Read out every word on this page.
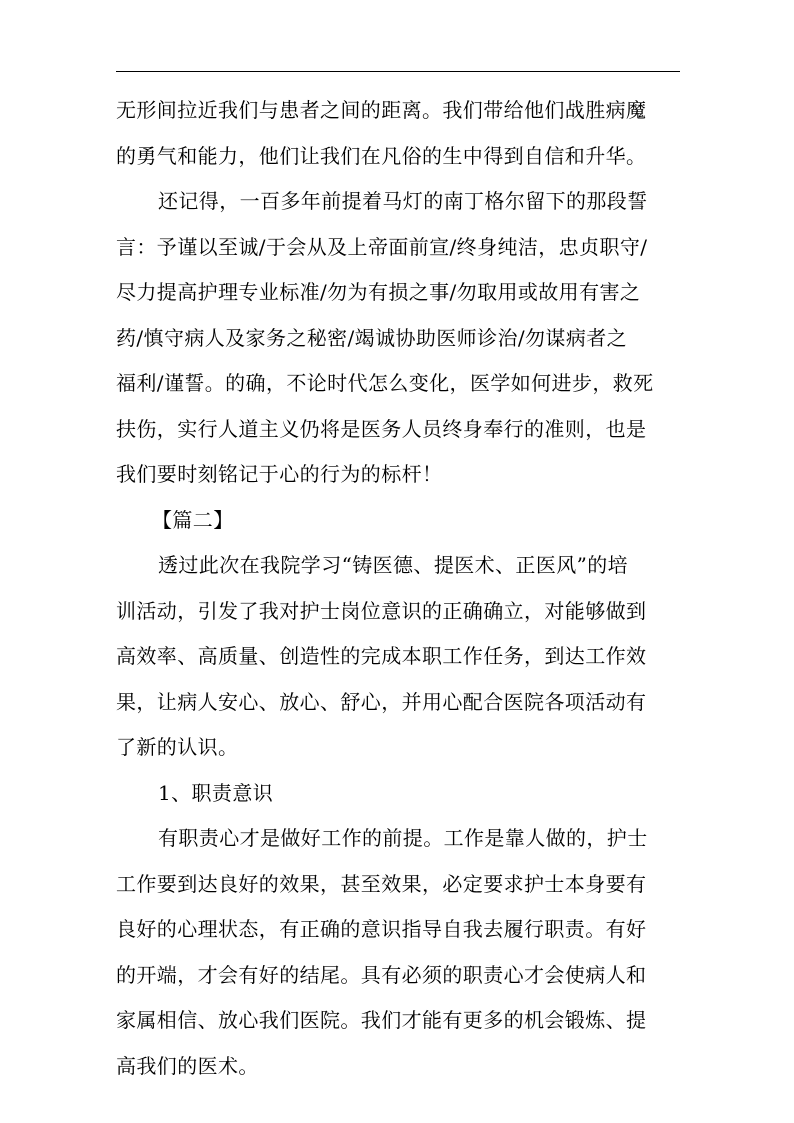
无形间拉近我们与患者之间的距离。我们带给他们战胜病魔
的勇气和能力，他们让我们在凡俗的生中得到自信和升华。
还记得，一百多年前提着马灯的南丁格尔留下的那段誓
言：予谨以至诚/于会从及上帝面前宣/终身纯洁，忠贞职守/
尽力提高护理专业标准/勿为有损之事/勿取用或故用有害之
药/慎守病人及家务之秘密/竭诚协助医师诊治/勿谋病者之
福利/谨誓。的确，不论时代怎么变化，医学如何进步，救死
扶伤，实行人道主义仍将是医务人员终身奉行的准则，也是
我们要时刻铭记于心的行为的标杆！
【篇二】
透过此次在我院学习“铸医德、提医术、正医风”的培
训活动，引发了我对护士岗位意识的正确确立，对能够做到
高效率、高质量、创造性的完成本职工作任务，到达工作效
果，让病人安心、放心、舒心，并用心配合医院各项活动有
了新的认识。
1、职责意识
有职责心才是做好工作的前提。工作是靠人做的，护士
工作要到达良好的效果，甚至效果，必定要求护士本身要有
良好的心理状态，有正确的意识指导自我去履行职责。有好
的开端，才会有好的结尾。具有必须的职责心才会使病人和
家属相信、放心我们医院。我们才能有更多的机会锻炼、提
高我们的医术。
